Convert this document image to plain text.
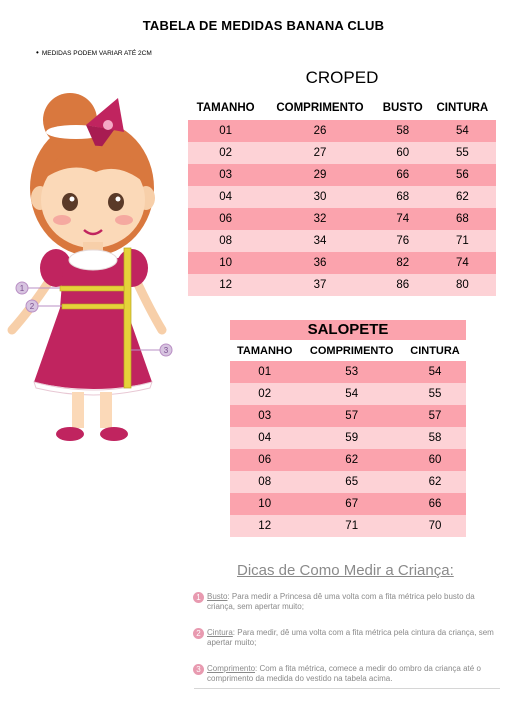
TABELA DE MEDIDAS BANANA CLUB
• MEDIDAS PODEM VARIAR ATÉ 2CM
1
2
3
CROPED
TAMANHO	COMPRIMENTO	BUSTO	CINTURA
01	26	58	54
02	27	60	55
03	29	66	56
04	30	68	62
06	32	74	68
08	34	76	71
10	36	82	74
12	37	86	80
SALOPETE
TAMANHO	COMPRIMENTO	CINTURA
01	53	54
02	54	55
03	57	57
04	59	58
06	62	60
08	65	62
10	67	66
12	71	70
Dicas de Como Medir a Criança:
1 Busto: Para medir a Princesa dê uma volta com a fita métrica pelo busto da criança, sem apertar muito;
2 Cintura: Para medir, dê uma volta com a fita métrica pela cintura da criança, sem apertar muito;
3 Comprimento: Com a fita métrica, comece a medir do ombro da criança até o comprimento da medida do vestido na tabela acima.
